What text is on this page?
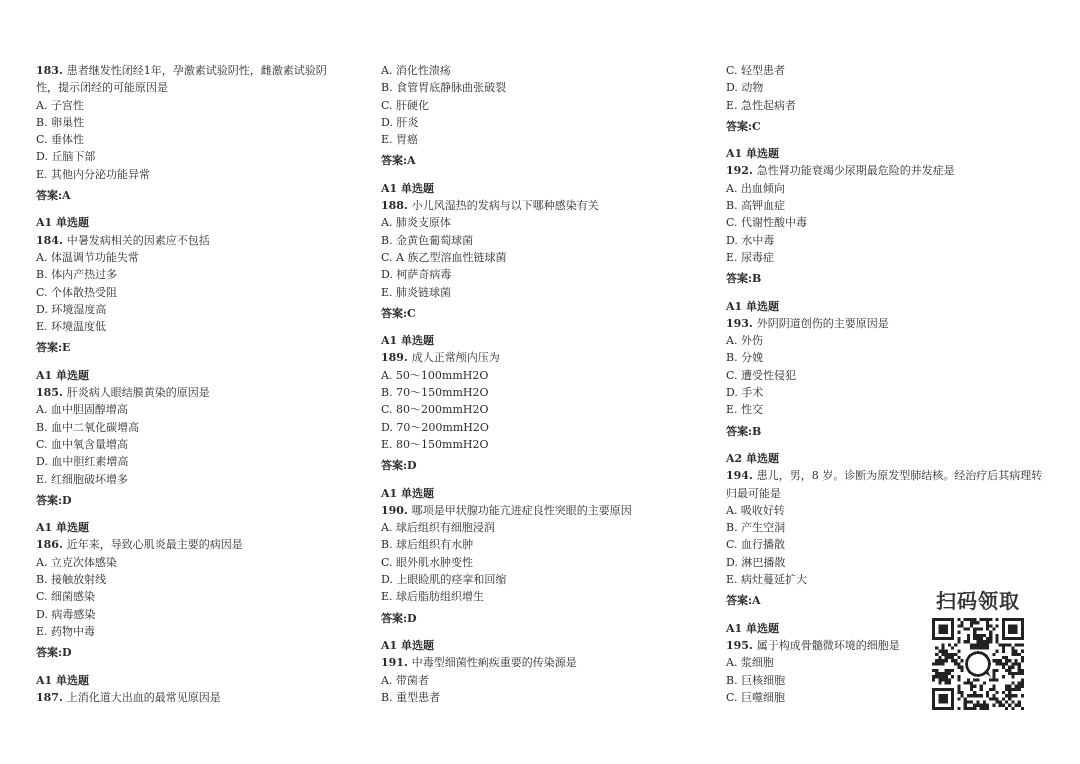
183. 患者继发性闭经1年，孕激素试验阴性，雌激素试验阴性，提示闭经的可能原因是
A. 子宫性
B. 卵巢性
C. 垂体性
D. 丘脑下部
E. 其他内分泌功能异常
答案:A
A1 单选题
184. 中暑发病相关的因素应不包括
A. 体温调节功能失常
B. 体内产热过多
C. 个体散热受阻
D. 环境湿度高
E. 环境温度低
答案:E
A1 单选题
185. 肝炎病人眼结膜黄染的原因是
A. 血中胆固醇增高
B. 血中二氧化碳增高
C. 血中氧含量增高
D. 血中胆红素增高
E. 红细胞破坏增多
答案:D
A1 单选题
186. 近年来，导致心肌炎最主要的病因是
A. 立克次体感染
B. 接触放射线
C. 细菌感染
D. 病毒感染
E. 药物中毒
答案:D
A1 单选题
187. 上消化道大出血的最常见原因是
A. 消化性溃疡
B. 食管胃底静脉曲张破裂
C. 肝硬化
D. 肝炎
E. 胃癌
答案:A
A1 单选题
188. 小儿风湿热的发病与以下哪种感染有关
A. 肺炎支原体
B. 金黄色葡萄球菌
C. A 族乙型溶血性链球菌
D. 柯萨奇病毒
E. 肺炎链球菌
答案:C
A1 单选题
189. 成人正常颅内压为
A. 50～100mmH2O
B. 70～150mmH2O
C. 80～200mmH2O
D. 70～200mmH2O
E. 80～150mmH2O
答案:D
A1 单选题
190. 哪项是甲状腺功能亢进症良性突眼的主要原因
A. 球后组织有细胞浸润
B. 球后组织有水肿
C. 眼外肌水肿变性
D. 上眼睑肌的痉挛和回缩
E. 球后脂肪组织增生
答案:D
A1 单选题
191. 中毒型细菌性痢疾重要的传染源是
A. 带菌者
B. 重型患者
C. 轻型患者
D. 动物
E. 急性起病者
答案:C
A1 单选题
192. 急性肾功能衰竭少尿期最危险的并发症是
A. 出血倾向
B. 高钾血症
C. 代谢性酸中毒
D. 水中毒
E. 尿毒症
答案:B
A1 单选题
193. 外阴阴道创伤的主要原因是
A. 外伤
B. 分娩
C. 遭受性侵犯
D. 手术
E. 性交
答案:B
A2 单选题
194. 患儿，男，8 岁。诊断为原发型肺结核。经治疗后其病理转归最可能是
A. 吸收好转
B. 产生空洞
C. 血行播散
D. 淋巴播散
E. 病灶蔓延扩大
答案:A
A1 单选题
195. 属于构成骨髓微环境的细胞是
A. 浆细胞
B. 巨核细胞
C. 巨噬细胞
扫码领取
